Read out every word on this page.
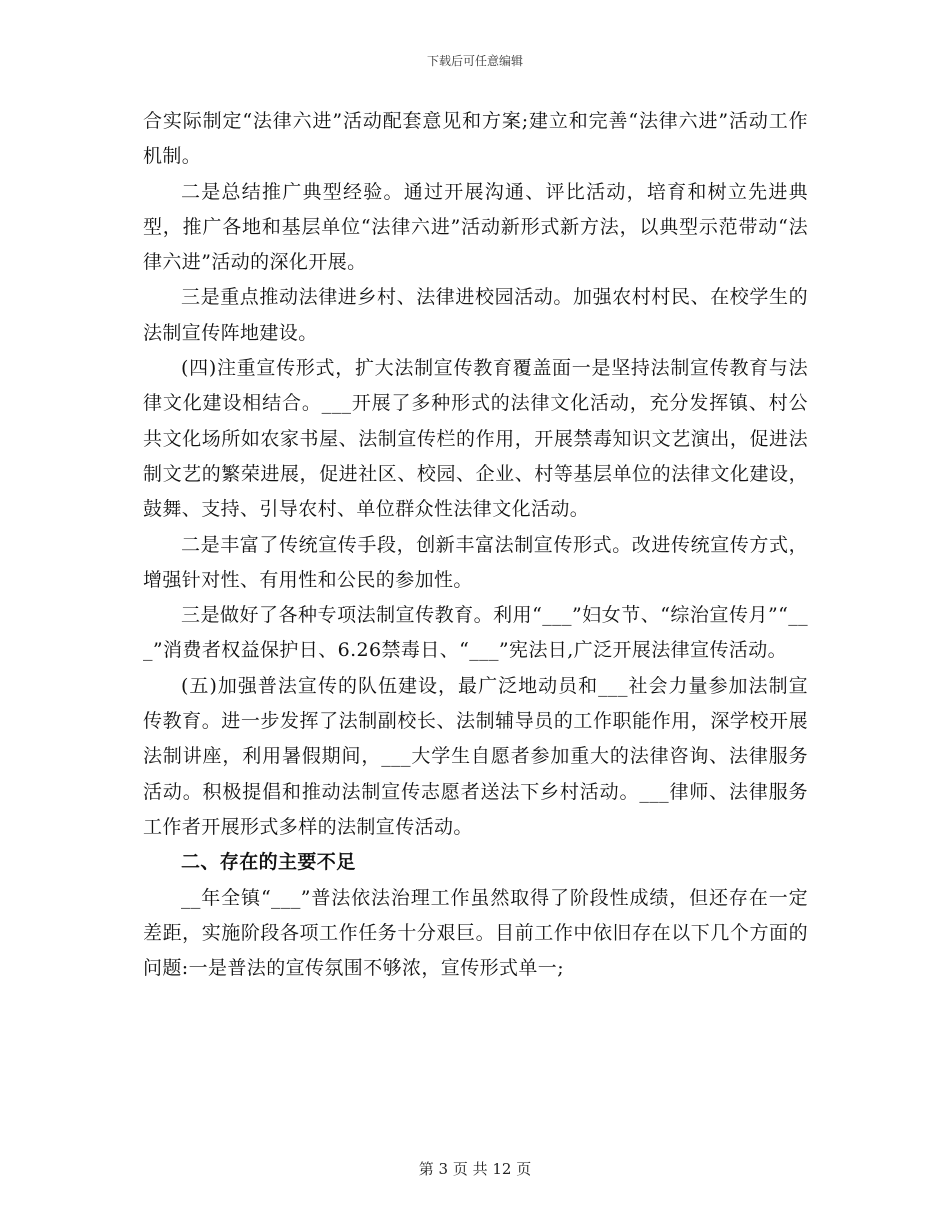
下载后可任意编辑

合实际制定“法律六进”活动配套意见和方案;建立和完善“法律六进”活动工作机制。

二是总结推广典型经验。通过开展沟通、评比活动，培育和树立先进典型，推广各地和基层单位“法律六进”活动新形式新方法，以典型示范带动“法律六进”活动的深化开展。

三是重点推动法律进乡村、法律进校园活动。加强农村村民、在校学生的法制宣传阵地建设。

(四)注重宣传形式，扩大法制宣传教育覆盖面一是坚持法制宣传教育与法律文化建设相结合。___开展了多种形式的法律文化活动，充分发挥镇、村公共文化场所如农家书屋、法制宣传栏的作用，开展禁毒知识文艺演出，促进法制文艺的繁荣进展，促进社区、校园、企业、村等基层单位的法律文化建设，鼓舞、支持、引导农村、单位群众性法律文化活动。

二是丰富了传统宣传手段，创新丰富法制宣传形式。改进传统宣传方式，增强针对性、有用性和公民的参加性。

三是做好了各种专项法制宣传教育。利用“___”妇女节、“综治宣传月”“___”消费者权益保护日、6.26禁毒日、“___”宪法日,广泛开展法律宣传活动。

(五)加强普法宣传的队伍建设，最广泛地动员和___社会力量参加法制宣传教育。进一步发挥了法制副校长、法制辅导员的工作职能作用，深学校开展法制讲座，利用暑假期间，___大学生自愿者参加重大的法律咨询、法律服务活动。积极提倡和推动法制宣传志愿者送法下乡村活动。___律师、法律服务工作者开展形式多样的法制宣传活动。

二、存在的主要不足

__年全镇“___”普法依法治理工作虽然取得了阶段性成绩，但还存在一定差距，实施阶段各项工作任务十分艰巨。目前工作中依旧存在以下几个方面的问题:一是普法的宣传氛围不够浓，宣传形式单一;

第 3 页 共 12 页
